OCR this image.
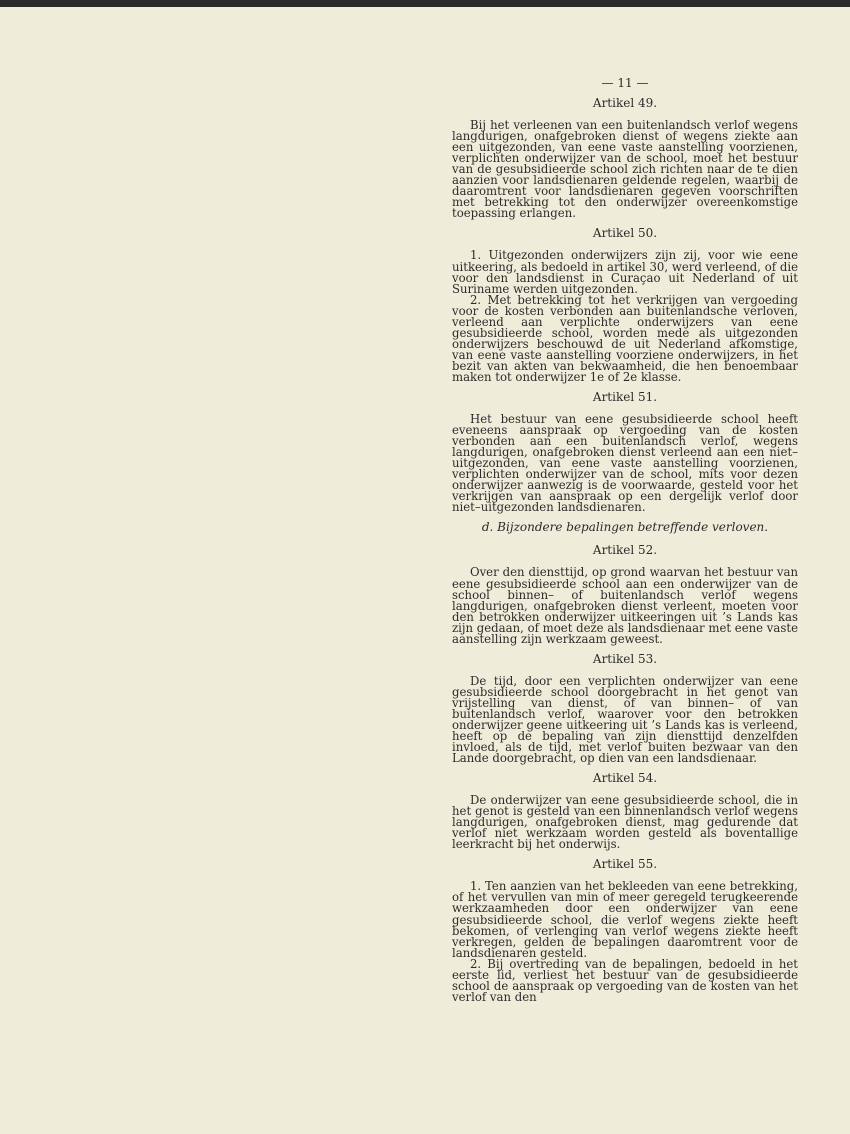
— 11 —
Artikel 49.

Bij het verleenen van een buitenlandsch verlof wegens langdurigen, onafgebroken dienst of wegens ziekte aan een uitgezonden, van eene vaste aanstelling voorzienen, verplichten onderwijzer van de school, moet het bestuur van de gesubsidieerde school zich richten naar de te dien aanzien voor landsdienaren geldende regelen, waarbij de daaromtrent voor landsdienaren gegeven voorschriften met betrekking tot den onderwijzer overeenkomstige toepassing erlangen.

Artikel 50.

1. Uitgezonden onderwijzers zijn zij, voor wie eene uitkeering, als bedoeld in artikel 30, werd verleend, of die voor den landsdienst in Curaçao uit Nederland of uit Suriname werden uitgezonden.

2. Met betrekking tot het verkrijgen van vergoeding voor de kosten verbonden aan buitenlandsche verloven, verleend aan verplichte onderwijzers van eene gesubsidieerde school, worden mede als uitgezonden onderwijzers beschouwd de uit Nederland afkomstige, van eene vaste aanstelling voorziene onderwijzers, in het bezit van akten van bekwaamheid, die hen benoembaar maken tot onderwijzer 1e of 2e klasse.

Artikel 51.

Het bestuur van eene gesubsidieerde school heeft eveneens aanspraak op vergoeding van de kosten verbonden aan een buitenlandsch verlof, wegens langdurigen, onafgebroken dienst verleend aan een niet–uitgezonden, van eene vaste aanstelling voorzienen, verplichten onderwijzer van de school, mits voor dezen onderwijzer aanwezig is de voorwaarde, gesteld voor het verkrijgen van aanspraak op een dergelijk verlof door niet–uitgezonden landsdienaren.

d. Bijzondere bepalingen betreffende verloven.
Artikel 52.

Over den diensttijd, op grond waarvan het bestuur van eene gesubsidieerde school aan een onderwijzer van de school binnen– of buitenlandsch verlof wegens langdurigen, onafgebroken dienst verleent, moeten voor den betrokken onderwijzer uitkeeringen uit ’s Lands kas zijn gedaan, of moet deze als landsdienaar met eene vaste aanstelling zijn werkzaam geweest.

Artikel 53.

De tijd, door een verplichten onderwijzer van eene gesubsidieerde school doorgebracht in het genot van vrijstelling van dienst, of van binnen– of van buitenlandsch verlof, waarover voor den betrokken onderwijzer geene uitkeering uit ’s Lands kas is verleend, heeft op de bepaling van zijn diensttijd denzelfden invloed, als de tijd, met verlof buiten bezwaar van den Lande doorgebracht, op dien van een landsdienaar.

Artikel 54.

De onderwijzer van eene gesubsidieerde school, die in het genot is gesteld van een binnenlandsch verlof wegens langdurigen, onafgebroken dienst, mag gedurende dat verlof niet werkzaam worden gesteld als boventallige leerkracht bij het onderwijs.

Artikel 55.

1. Ten aanzien van het bekleeden van eene betrekking, of het vervullen van min of meer geregeld terugkeerende werkzaamheden door een onderwijzer van eene gesubsidieerde school, die verlof wegens ziekte heeft bekomen, of verlenging van verlof wegens ziekte heeft verkregen, gelden de bepalingen daaromtrent voor de landsdienaren gesteld.

2. Bij overtreding van de bepalingen, bedoeld in het eerste lid, verliest het bestuur van de gesubsidieerde school de aanspraak op vergoeding van de kosten van het verlof van den
